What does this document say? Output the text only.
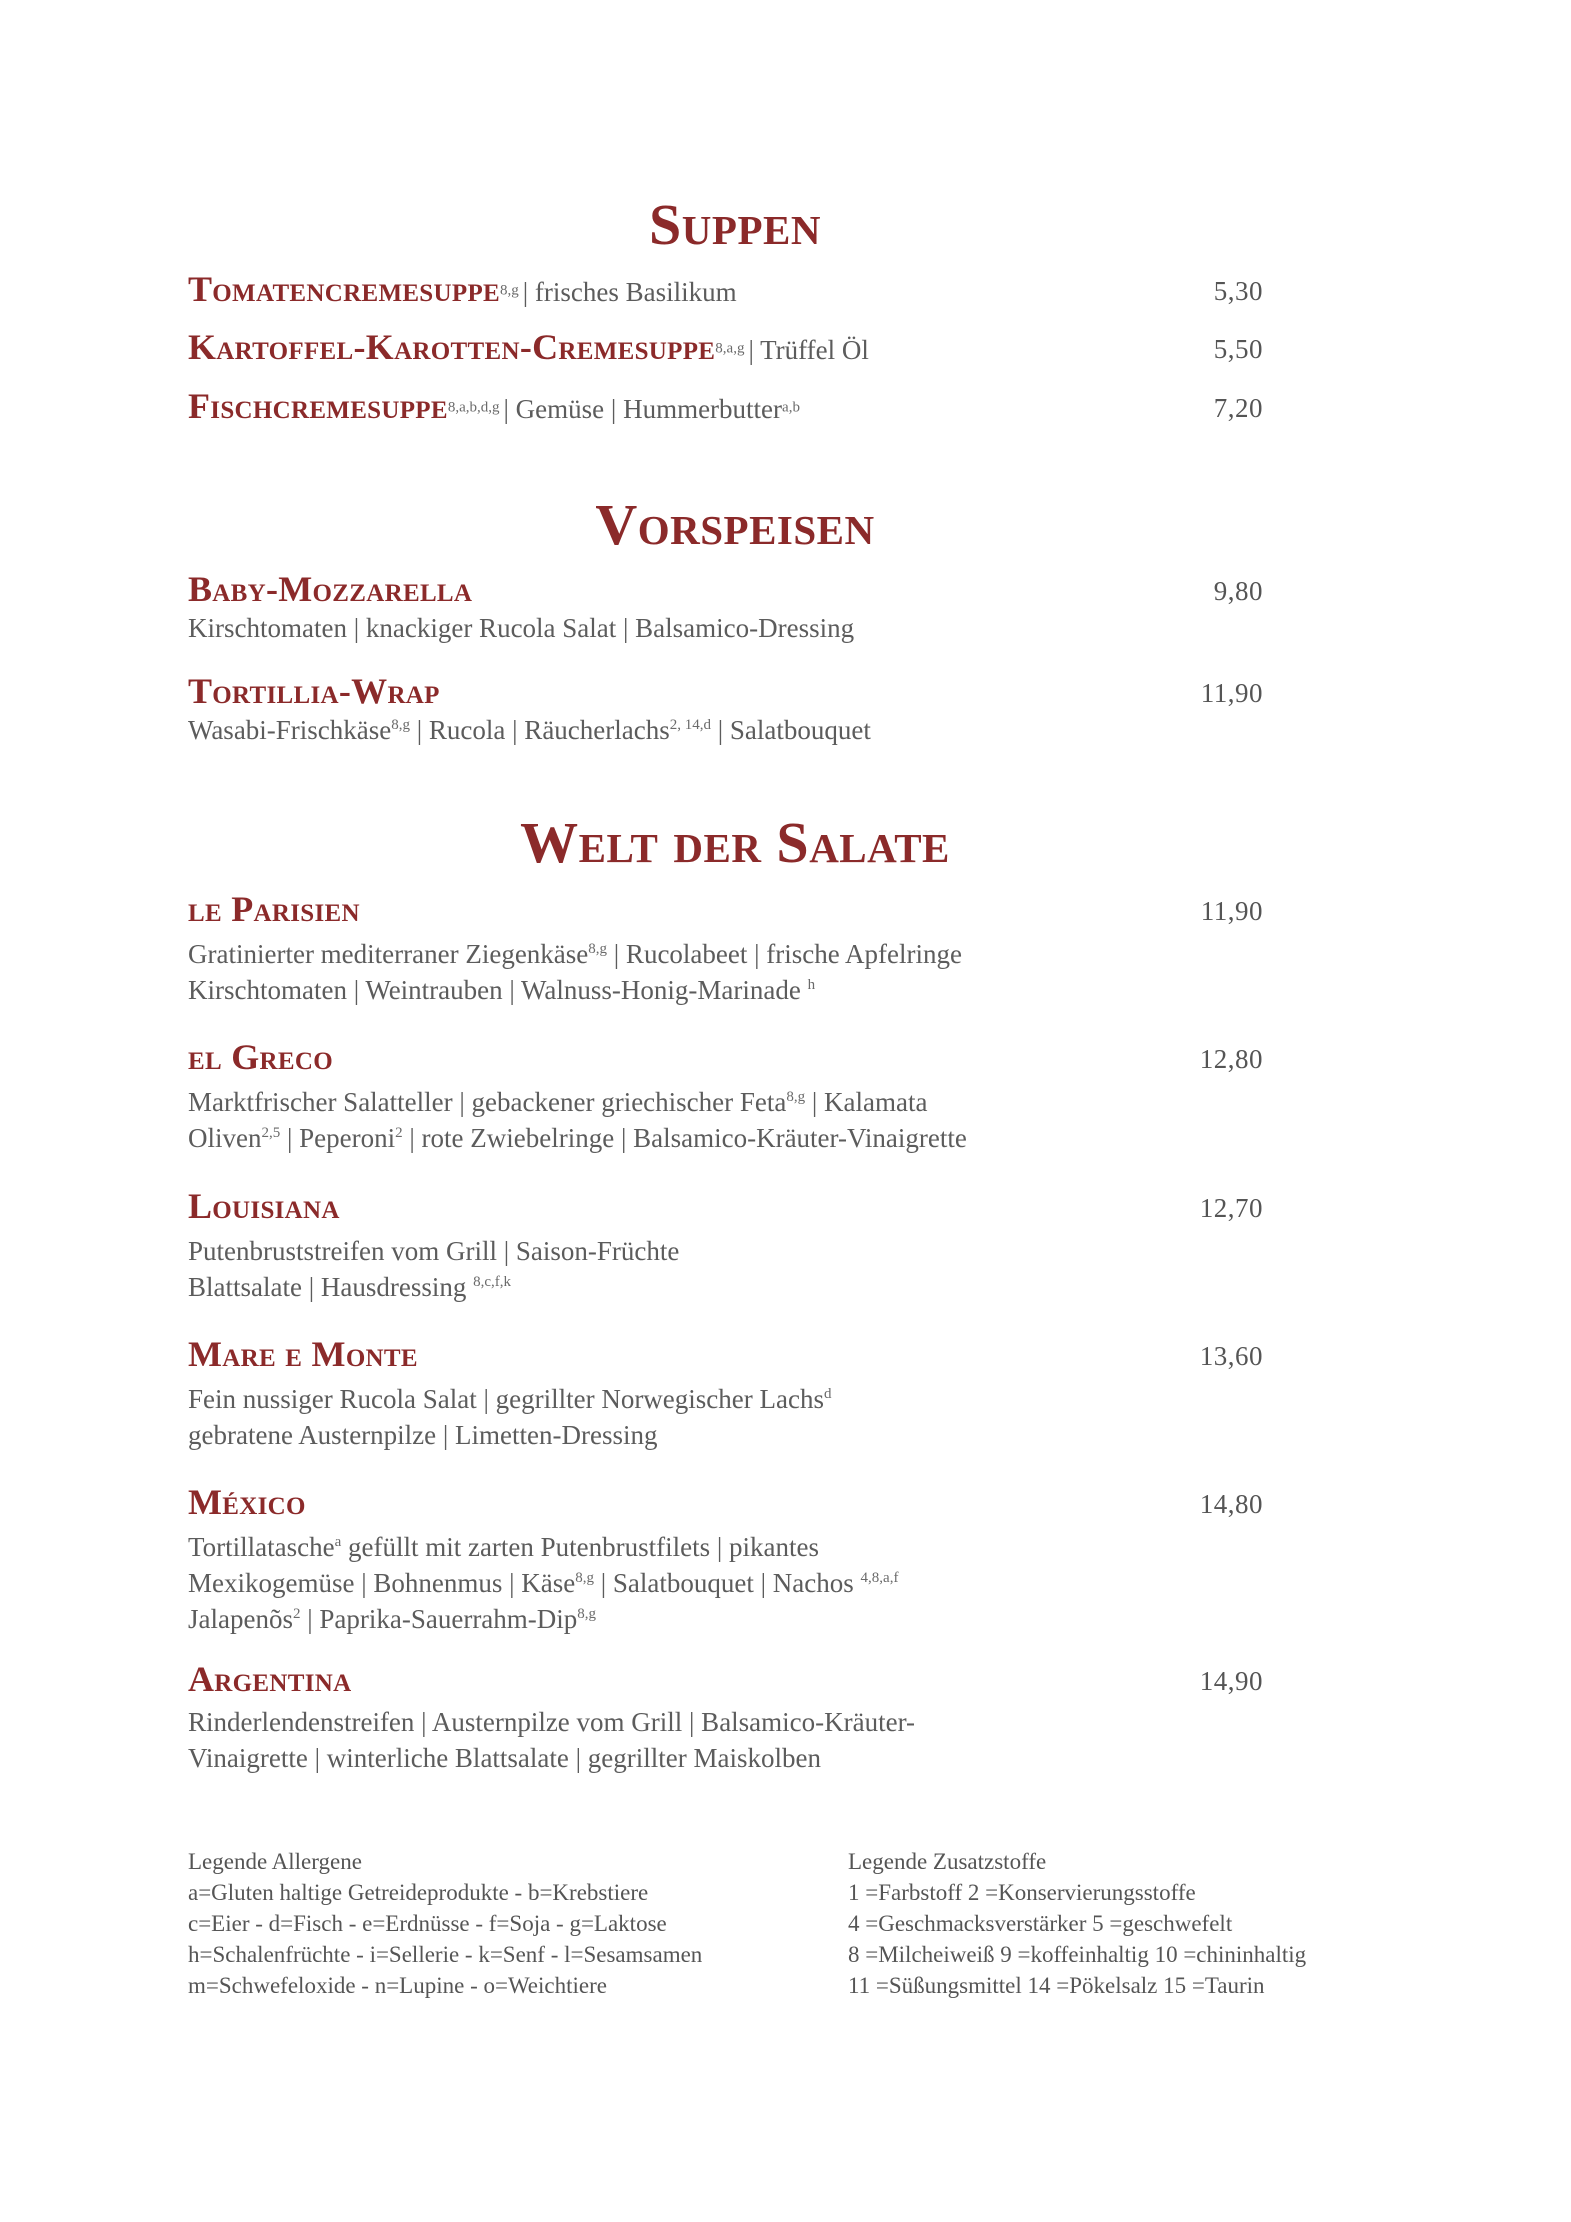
Suppen
Tomatencremesuppe8,g | frisches Basilikum	5,30
Kartoffel-Karotten-Cremesuppe8,a,g | Trüffel Öl	5,50
Fischcremesuppe8,a,b,d,g | Gemüse | Hummerbuttera,b	7,20
Vorspeisen
Baby-Mozzarella	9,80
Kirschtomaten | knackiger Rucola Salat | Balsamico-Dressing
Tortillia-Wrap	11,90
Wasabi-Frischkäse$^{8,g}$ | Rucola | Räucherlachs$^{2, 14,d}$ | Salatbouquet
Welt der Salate
le Parisien	11,90
Gratinierter mediterraner Ziegenkäse$^{8,g}$ | Rucolabeet | frische Apfelringe
Kirschtomaten | Weintrauben | Walnuss-Honig-Marinade $^h$
el Greco	12,80
Marktfrischer Salatteller | gebackener griechischer Feta$^{8,g}$ | Kalamata
Oliven$^{2,5}$ | Peperoni$^2$ | rote Zwiebelringe | Balsamico-Kräuter-Vinaigrette
Louisiana	12,70
Putenbruststreifen vom Grill | Saison-Früchte
Blattsalate | Hausdressing $^{8,c,f,k}$
Mare e Monte	13,60
Fein nussiger Rucola Salat | gegrillter Norwegischer Lachs$^d$
gebratene Austernpilze | Limetten-Dressing
México	14,80
Tortillatasche$^a$ gefüllt mit zarten Putenbrustfilets | pikantes
Mexikogemüse | Bohnenmus | Käse$^{8,g}$ | Salatbouquet | Nachos $^{4,8,a,f}$
Jalapenõs$^2$ | Paprika-Sauerrahm-Dip$^{8,g}$
Argentina	14,90
Rinderlendenstreifen | Austernpilze vom Grill | Balsamico-Kräuter-
Vinaigrette | winterliche Blattsalate | gegrillter Maiskolben
Legende Allergene
a=Gluten haltige Getreideprodukte - b=Krebstiere
c=Eier - d=Fisch - e=Erdnüsse - f=Soja - g=Laktose
h=Schalenfrüchte - i=Sellerie - k=Senf - l=Sesamsamen
m=Schwefeloxide - n=Lupine - o=Weichtiere
Legende Zusatzstoffe
1 =Farbstoff 2 =Konservierungsstoffe
4 =Geschmacksverstärker 5 =geschwefelt
8 =Milcheiweiß 9 =koffeinhaltig 10 =chininhaltig
11 =Süßungsmittel 14 =Pökelsalz 15 =Taurin
